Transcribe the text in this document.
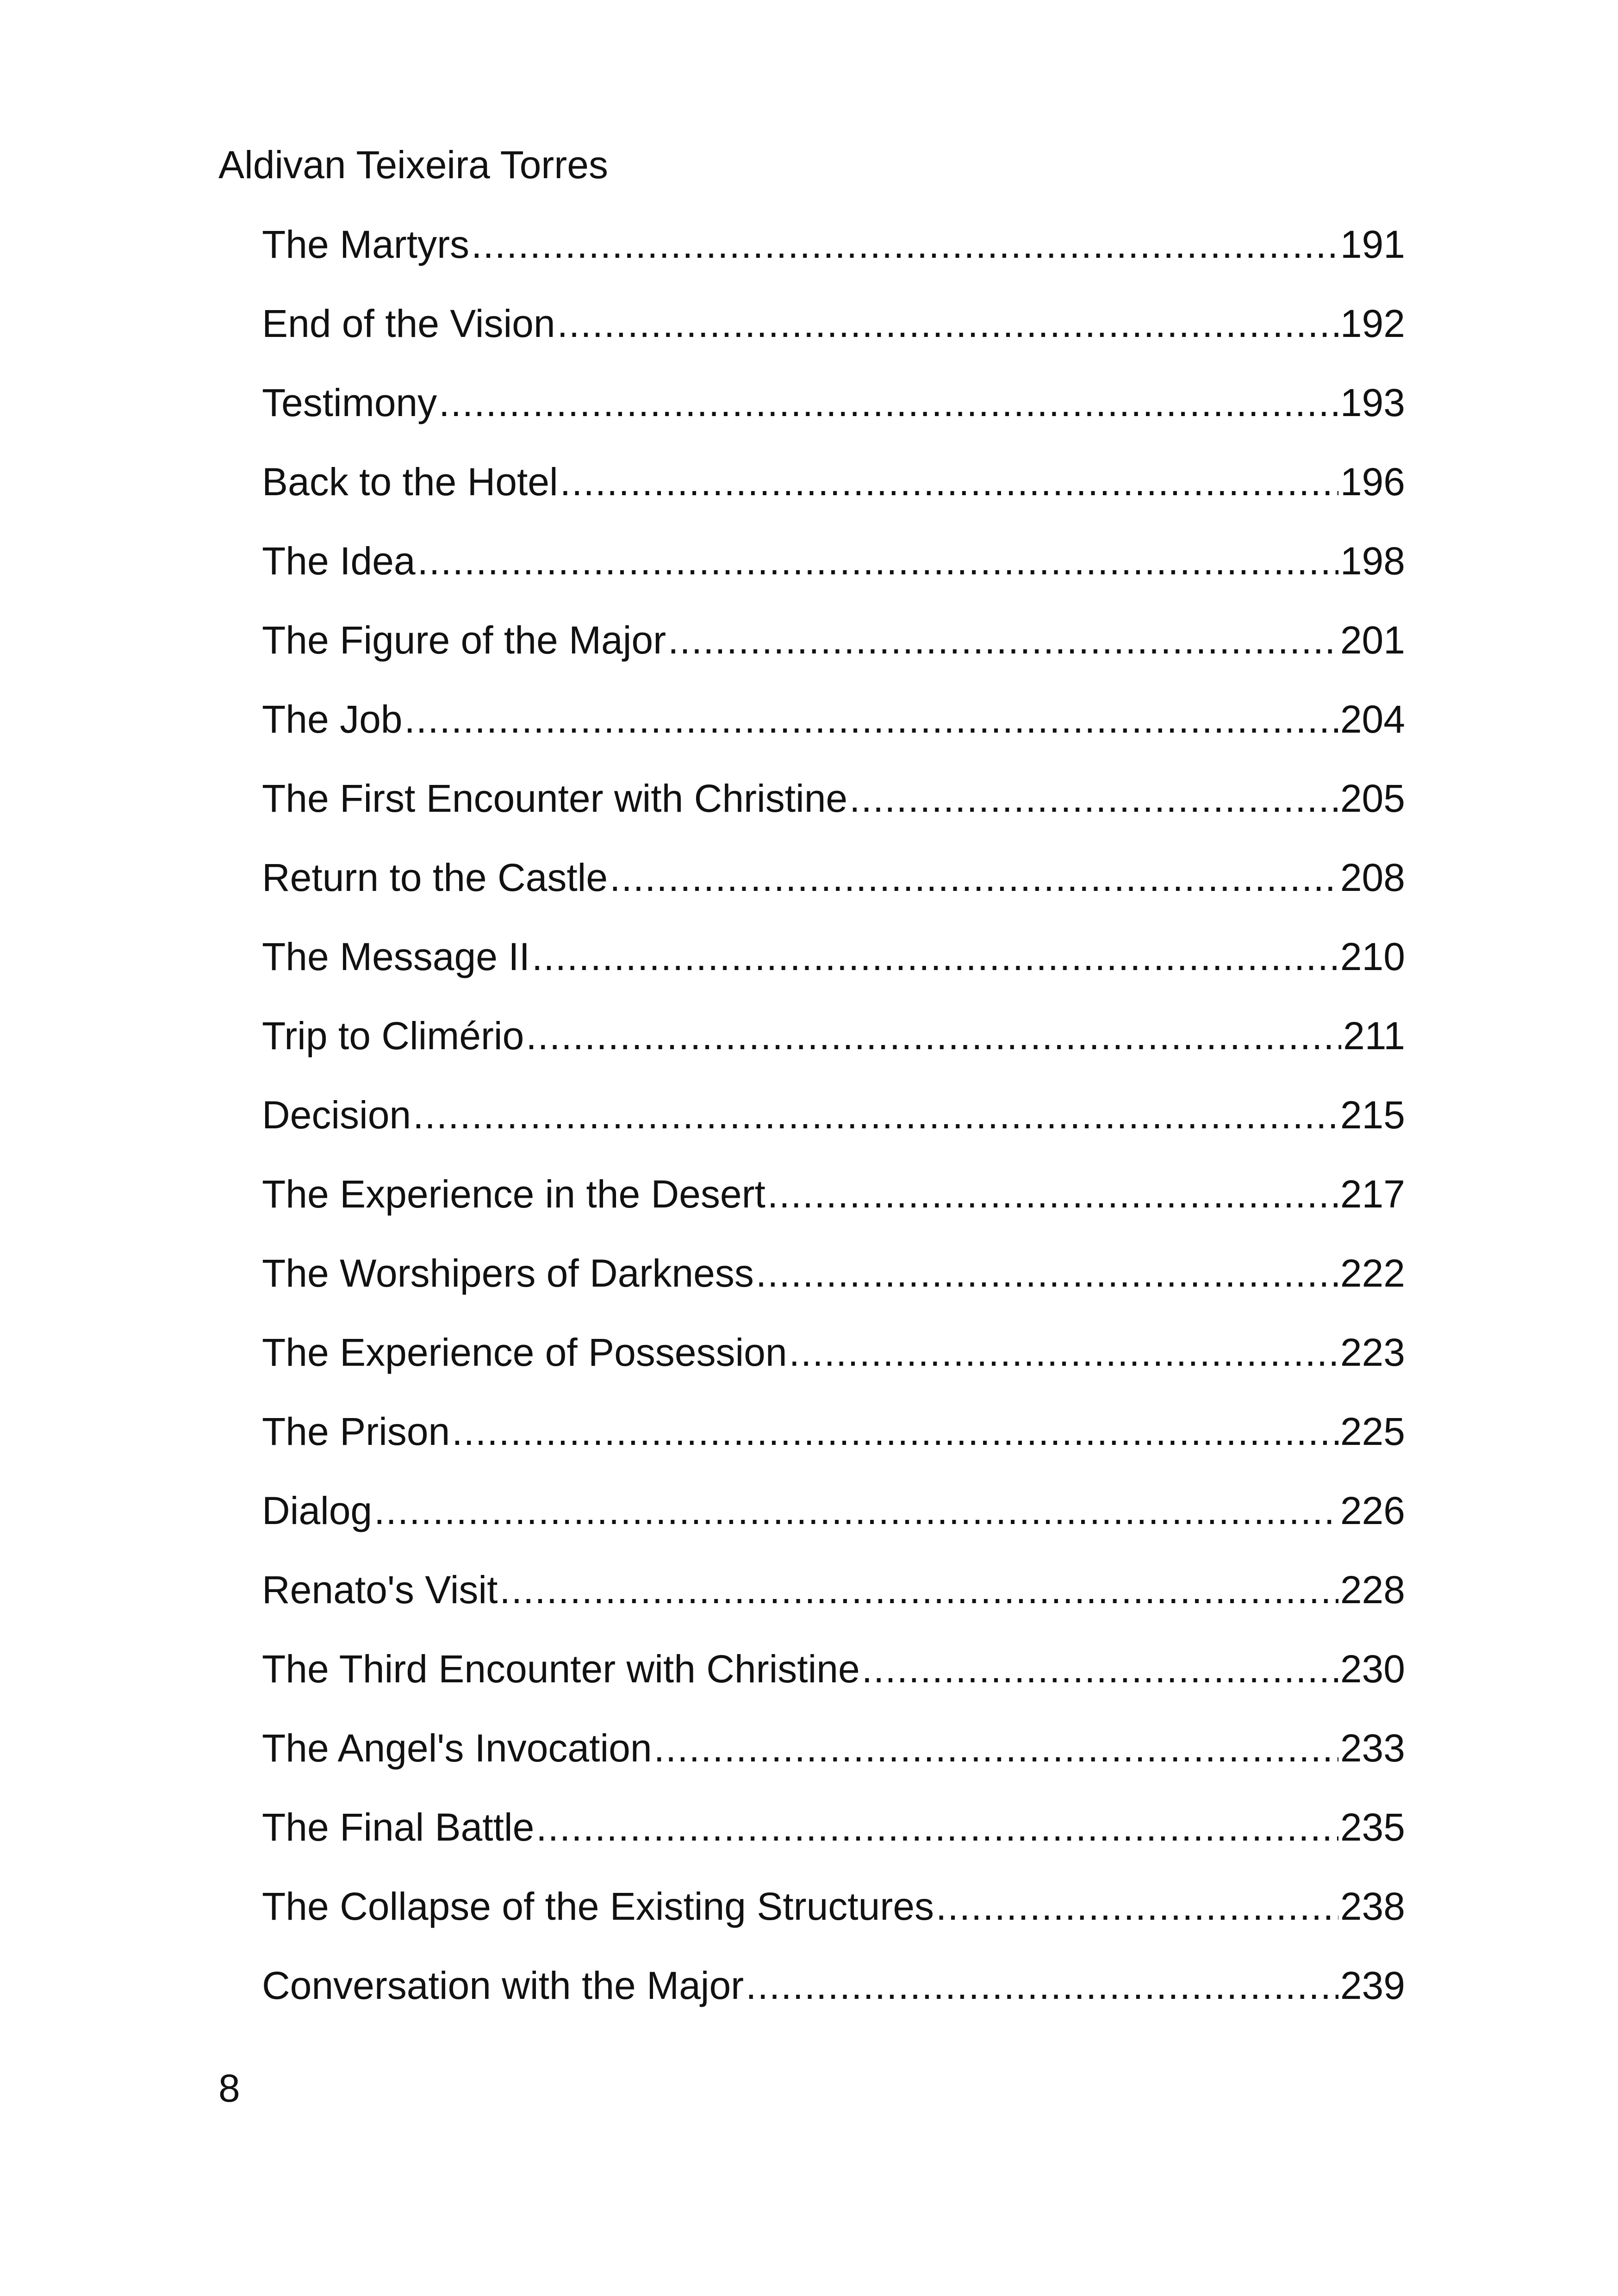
Aldivan Teixeira Torres
The Martyrs .....	191
End of the Vision .....	192
Testimony .....	193
Back to the Hotel .....	196
The Idea .....	198
The Figure of the Major .....	201
The Job .....	204
The First Encounter with Christine .....	205
Return to the Castle .....	208
The Message II .....	210
Trip to Climério .....	211
Decision .....	215
The Experience in the Desert .....	217
The Worshipers of Darkness .....	222
The Experience of Possession .....	223
The Prison .....	225
Dialog .....	226
Renato's Visit .....	228
The Third Encounter with Christine .....	230
The Angel's Invocation .....	233
The Final Battle .....	235
The Collapse of the Existing Structures .....	238
Conversation with the Major .....	239
8
